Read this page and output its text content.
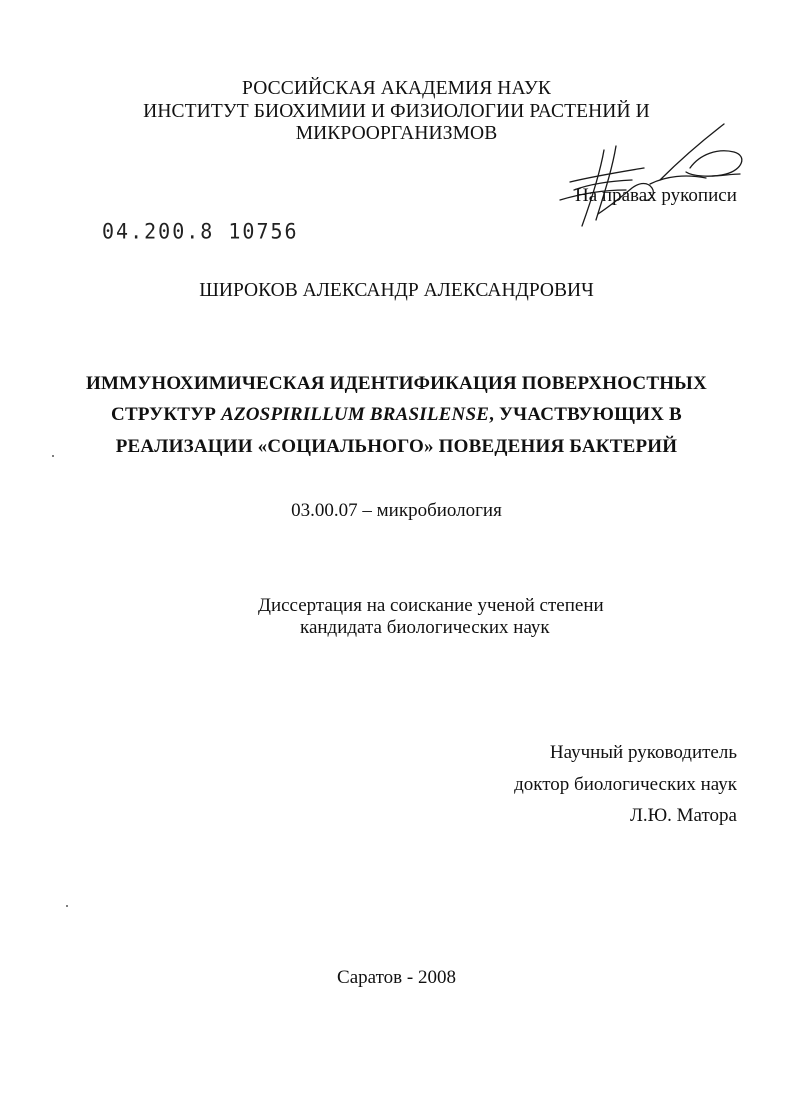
РОССИЙСКАЯ АКАДЕМИЯ НАУК
ИНСТИТУТ БИОХИМИИ И ФИЗИОЛОГИИ РАСТЕНИЙ И
МИКРООРГАНИЗМОВ
На правах рукописи
04.200.8 10756
ШИРОКОВ АЛЕКСАНДР АЛЕКСАНДРОВИЧ
ИММУНОХИМИЧЕСКАЯ ИДЕНТИФИКАЦИЯ ПОВЕРХНОСТНЫХ
СТРУКТУР AZOSPIRILLUM BRASILENSE, УЧАСТВУЮЩИХ В
РЕАЛИЗАЦИИ «СОЦИАЛЬНОГО» ПОВЕДЕНИЯ БАКТЕРИЙ
03.00.07 – микробиология
Диссертация на соискание ученой степени
кандидата биологических наук
Научный руководитель
доктор биологических наук
Л.Ю. Матора
Саратов - 2008
